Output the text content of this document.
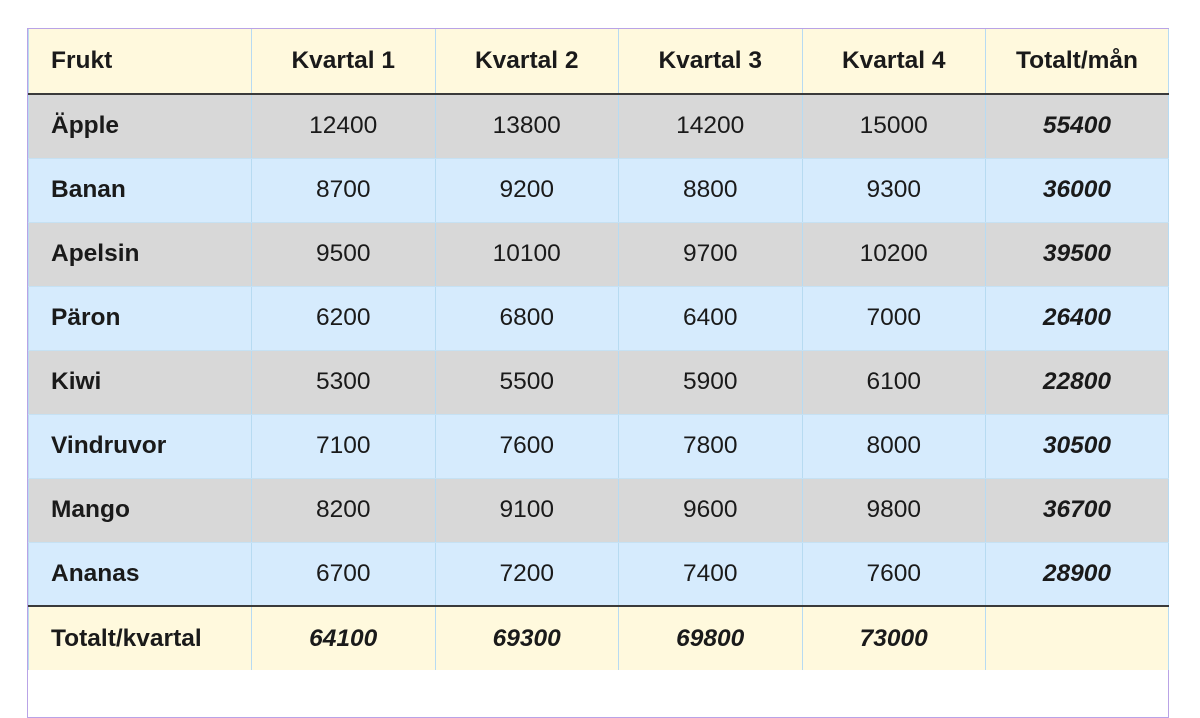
Frukt	Kvartal 1	Kvartal 2	Kvartal 3	Kvartal 4	Totalt/mån
Äpple	12400	13800	14200	15000	55400
Banan	8700	9200	8800	9300	36000
Apelsin	9500	10100	9700	10200	39500
Päron	6200	6800	6400	7000	26400
Kiwi	5300	5500	5900	6100	22800
Vindruvor	7100	7600	7800	8000	30500
Mango	8200	9100	9600	9800	36700
Ananas	6700	7200	7400	7600	28900
Totalt/kvartal	64100	69300	69800	73000	
